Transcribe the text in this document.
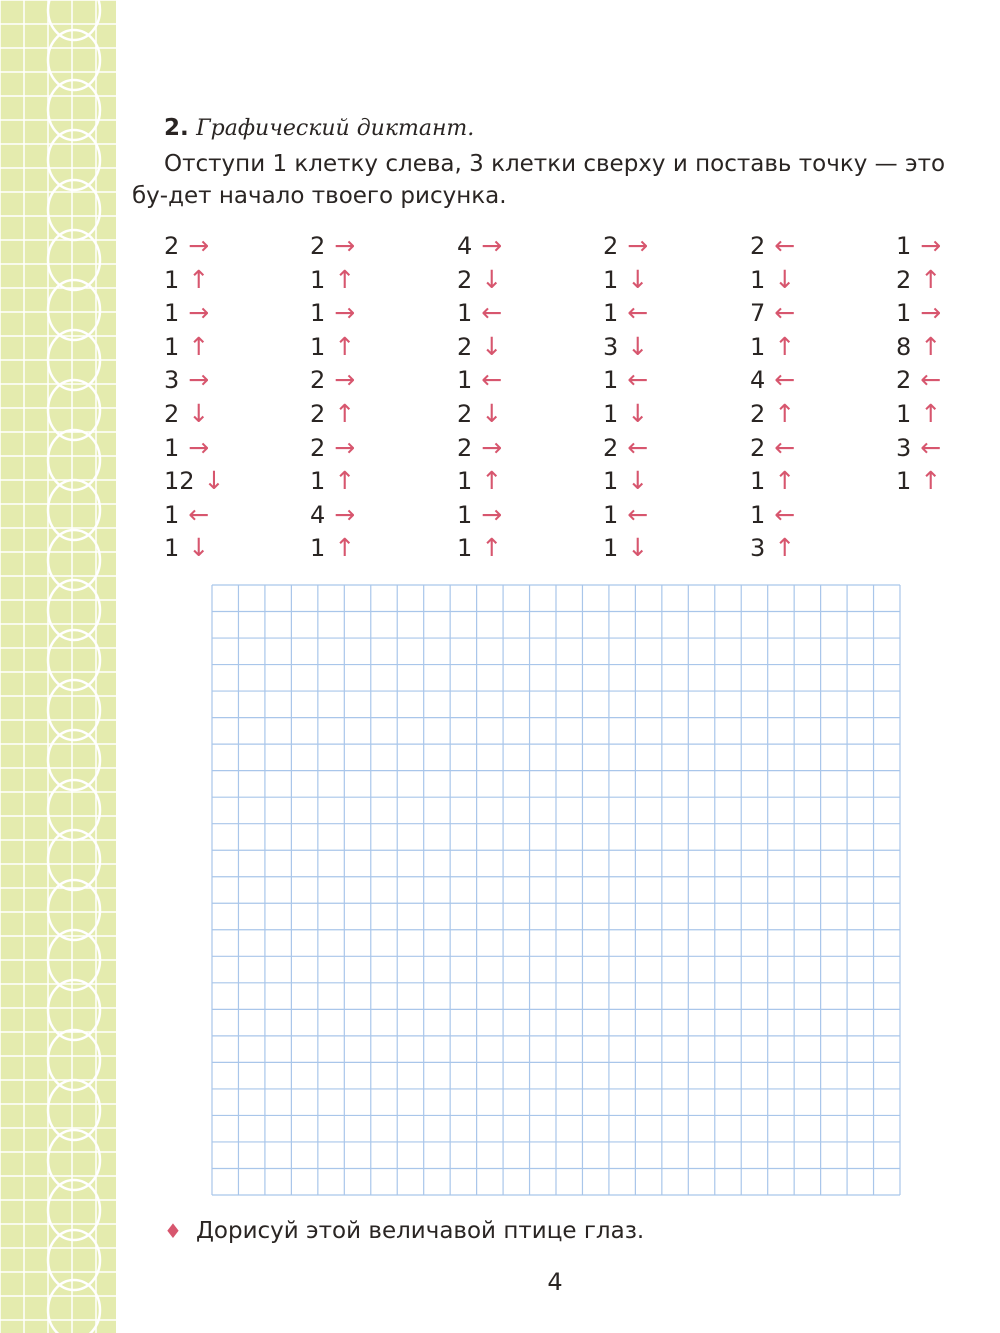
2. Графический диктант.
Отступи 1 клетку слева, 3 клетки сверху и поставь точку — это бу-дет начало твоего рисунка.
2 →
1 ↑
1 →
1 ↑
3 →
2 ↓
1 →
12 ↓
1 ←
1 ↓
2 →
1 ↑
1 →
1 ↑
2 →
2 ↑
2 →
1 ↑
4 →
1 ↑
4 →
2 ↓
1 ←
2 ↓
1 ←
2 ↓
2 →
1 ↑
1 →
1 ↑
2 →
1 ↓
1 ←
3 ↓
1 ←
1 ↓
2 ←
1 ↓
1 ←
1 ↓
2 ←
1 ↓
7 ←
1 ↑
4 ←
2 ↑
2 ←
1 ↑
1 ←
3 ↑
1 →
2 ↑
1 →
8 ↑
2 ←
1 ↑
3 ←
1 ↑
♦ Дорисуй этой величавой птице глаз.
4
